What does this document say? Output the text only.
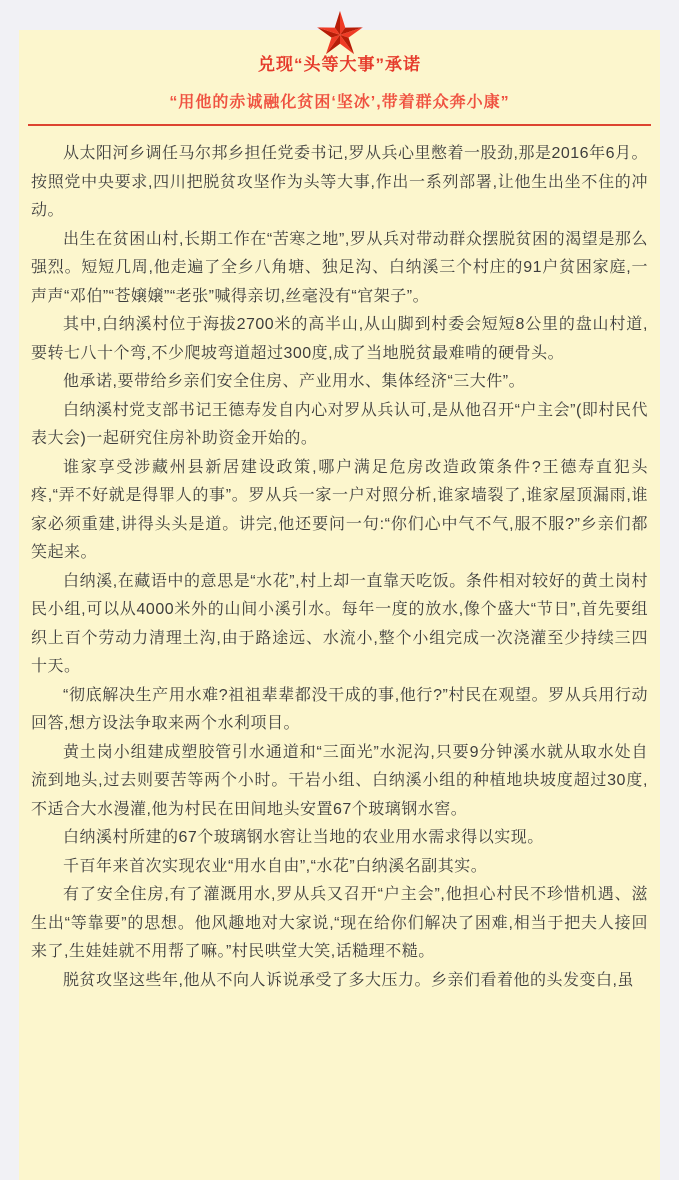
兑现“头等大事”承诺
“用他的赤诚融化贫困‘坚冰’,带着群众奔小康”

从太阳河乡调任马尔邦乡担任党委书记,罗从兵心里憋着一股劲,那是2016年6月。按照党中央要求,四川把脱贫攻坚作为头等大事,作出一系列部署,让他生出坐不住的冲动。

出生在贫困山村,长期工作在“苦寒之地”,罗从兵对带动群众摆脱贫困的渴望是那么强烈。短短几周,他走遍了全乡八角塘、独足沟、白纳溪三个村庄的91户贫困家庭,一声声“邓伯”“苍嬢嬢”“老张”喊得亲切,丝毫没有“官架子”。

其中,白纳溪村位于海拔2700米的高半山,从山脚到村委会短短8公里的盘山村道,要转七八十个弯,不少爬坡弯道超过300度,成了当地脱贫最难啃的硬骨头。

他承诺,要带给乡亲们安全住房、产业用水、集体经济“三大件”。

白纳溪村党支部书记王德寿发自内心对罗从兵认可,是从他召开“户主会”(即村民代表大会)一起研究住房补助资金开始的。

谁家享受涉藏州县新居建设政策,哪户满足危房改造政策条件?王德寿直犯头疼,“弄不好就是得罪人的事”。罗从兵一家一户对照分析,谁家墙裂了,谁家屋顶漏雨,谁家必须重建,讲得头头是道。讲完,他还要问一句:“你们心中气不气,服不服?”乡亲们都笑起来。

白纳溪,在藏语中的意思是“水花”,村上却一直靠天吃饭。条件相对较好的黄土岗村民小组,可以从4000米外的山间小溪引水。每年一度的放水,像个盛大“节日”,首先要组织上百个劳动力清理土沟,由于路途远、水流小,整个小组完成一次浇灌至少持续三四十天。

“彻底解决生产用水难?祖祖辈辈都没干成的事,他行?”村民在观望。罗从兵用行动回答,想方设法争取来两个水利项目。

黄土岗小组建成塑胶管引水通道和“三面光”水泥沟,只要9分钟溪水就从取水处自流到地头,过去则要苦等两个小时。干岩小组、白纳溪小组的种植地块坡度超过30度,不适合大水漫灌,他为村民在田间地头安置67个玻璃钢水窖。

白纳溪村所建的67个玻璃钢水窖让当地的农业用水需求得以实现。

千百年来首次实现农业“用水自由”,“水花”白纳溪名副其实。

有了安全住房,有了灌溉用水,罗从兵又召开“户主会”,他担心村民不珍惜机遇、滋生出“等靠要”的思想。他风趣地对大家说,“现在给你们解决了困难,相当于把夫人接回来了,生娃娃就不用帮了嘛。”村民哄堂大笑,话糙理不糙。

脱贫攻坚这些年,他从不向人诉说承受了多大压力。乡亲们看着他的头发变白,虽
